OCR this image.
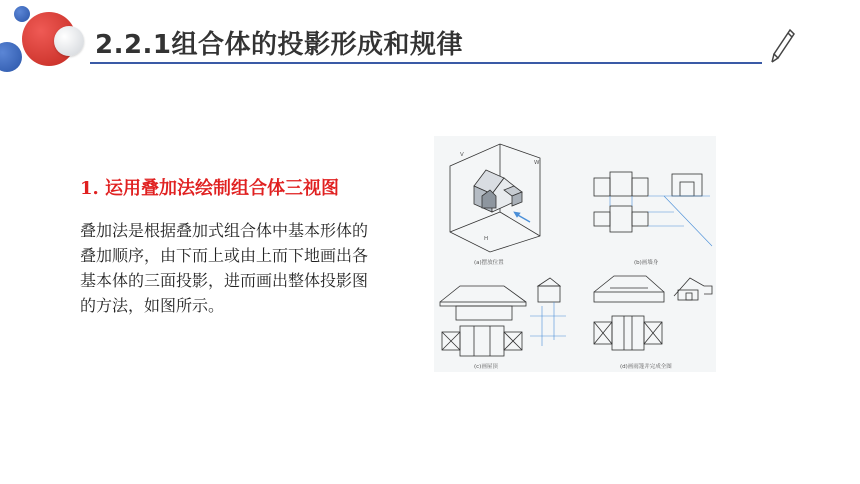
2.2.1组合体的投影形成和规律
1. 运用叠加法绘制组合体三视图
叠加法是根据叠加式组合体中基本形体的叠加顺序，由下而上或由上而下地画出各基本体的三面投影，进而画出整体投影图的方法，如图所示。
V
W
H
(a)摆放位置	(b)画墙身
(c)画屋顶	(d)画雨篷并完成全图
